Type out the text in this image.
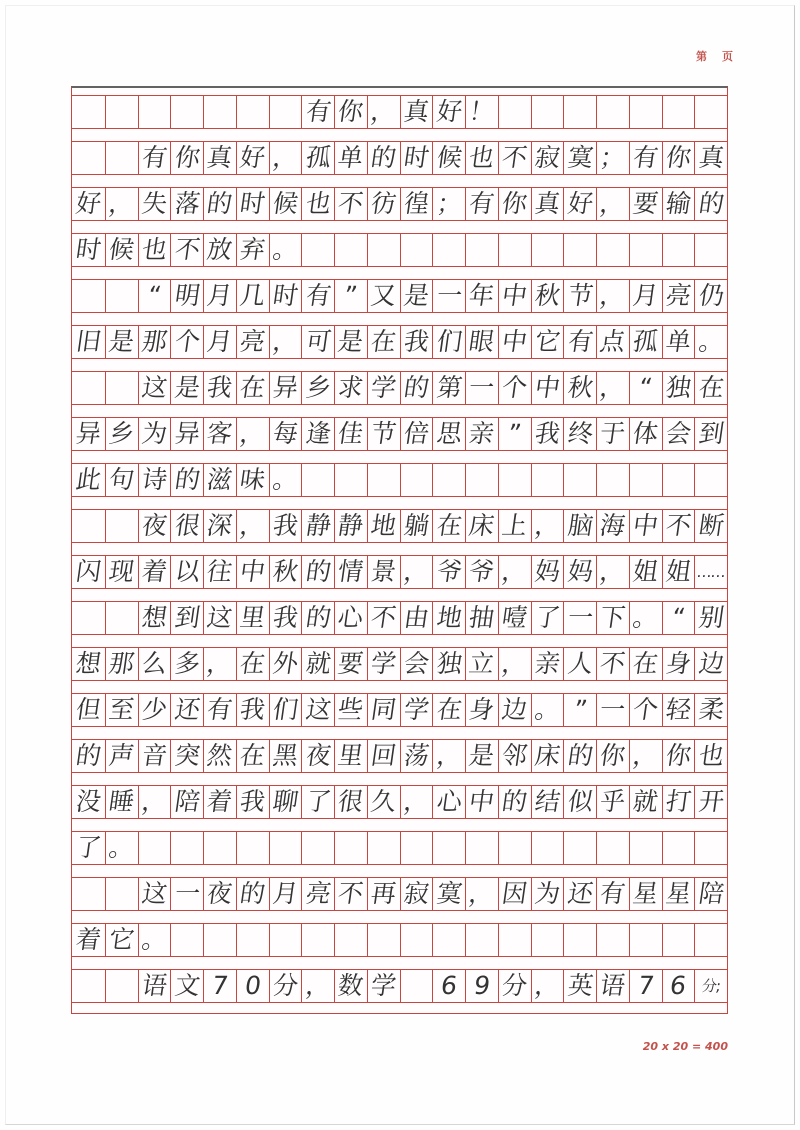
第　页
有 你 ， 真 好 ！
有 你 真 好 ， 孤 单 的 时 候 也 不 寂 寞 ； 有 你 真
好 ， 失 落 的 时 候 也 不 彷 徨 ； 有 你 真 好 ， 要 输 的
时 候 也 不 放 弃 。
“ 明 月 几 时 有 ” 又 是 一 年 中 秋 节 ， 月 亮 仍
旧 是 那 个 月 亮 ， 可 是 在 我 们 眼 中 它 有 点 孤 单 。
这 是 我 在 异 乡 求 学 的 第 一 个 中 秋 ， “ 独 在
异 乡 为 异 客 ， 每 逢 佳 节 倍 思 亲 ” 我 终 于 体 会 到
此 句 诗 的 滋 味 。
夜 很 深 ， 我 静 静 地 躺 在 床 上 ， 脑 海 中 不 断
闪 现 着 以 往 中 秋 的 情 景 ， 爷 爷 ， 妈 妈 ， 姐 姐 ……
想 到 这 里 我 的 心 不 由 地 抽 噎 了 一 下 。 “ 别
想 那 么 多 ， 在 外 就 要 学 会 独 立 ， 亲 人 不 在 身 边
但 至 少 还 有 我 们 这 些 同 学 在 身 边 。 ” 一 个 轻 柔
的 声 音 突 然 在 黑 夜 里 回 荡 ， 是 邻 床 的 你 ， 你 也
没 睡 ， 陪 着 我 聊 了 很 久 ， 心 中 的 结 似 乎 就 打 开
了 。
这 一 夜 的 月 亮 不 再 寂 寞 ， 因 为 还 有 星 星 陪
着 它 。
语 文 7 0 分 ， 数 学 6 9 分 ， 英 语 7 6 分;
20 x 20 = 400
